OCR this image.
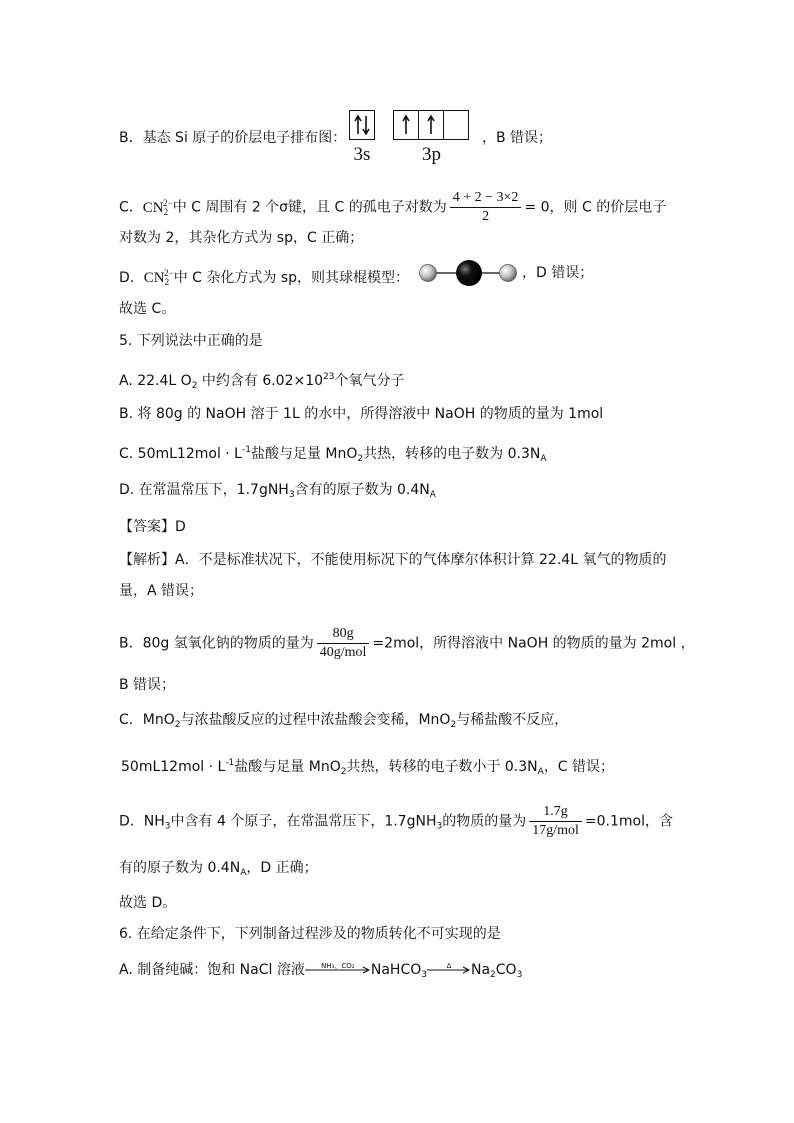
B．基态 Si 原子的价层电子排布图：
3s
	3p
，B 错误；
C．$CN_2^{2-}$中 C 周围有 2 个σ键，且 C 的孤电子对数为 $\frac{4 + 2 - 3\times 2}{2} = 0$，则 C 的价层电子
对数为 2，其杂化方式为 sp，C 正确；
D．$CN_2^{2-}$中 C 杂化方式为 sp，则其球棍模型：	，D 错误；
故选 C。
5. 下列说法中正确的是
A. 22.4L $O_2$ 中约含有 $6.02\times 10^{23}$个氧气分子
B. 将 80g 的 NaOH 溶于 1L 的水中，所得溶液中 NaOH 的物质的量为 1mol
C. $50mL12mol \cdot L^{-1}$盐酸与足量 MnO$_2$共热，转移的电子数为 $0.3N_A$
D. 在常温常压下，1.7gNH$_3$含有的原子数为 $0.4N_A$
【答案】D
【解析】A．不是标准状况下，不能使用标况下的气体摩尔体积计算 22.4L 氧气的物质的
量，A 错误；
B．80g 氢氧化钠的物质的量为 $\frac{80g}{\text{40g/mol}} =2mol$，所得溶液中 NaOH 的物质的量为 2mol ，
B 错误；
C．MnO$_2$与浓盐酸反应的过程中浓盐酸会变稀，MnO$_2$与稀盐酸不反应，
$50mL12mol \cdot L^{-1}$盐酸与足量 MnO$_2$共热，转移的电子数小于 $0.3N_A$，C 错误；
D．$NH_3$中含有 4 个原子，在常温常压下，1.7gNH$_3$的物质的量为 $\frac{1.7g}{\text{17g/mol}} =0.1mol$，含
有的原子数为 $0.4N_A$，D 正确；
故选 D。
6. 在给定条件下，下列制备过程涉及的物质转化不可实现的是
A. 制备纯碱：饱和 NaCl 溶液	NH₃、CO₂	NaHCO$_3$
Δ	$Na_2CO_3$
